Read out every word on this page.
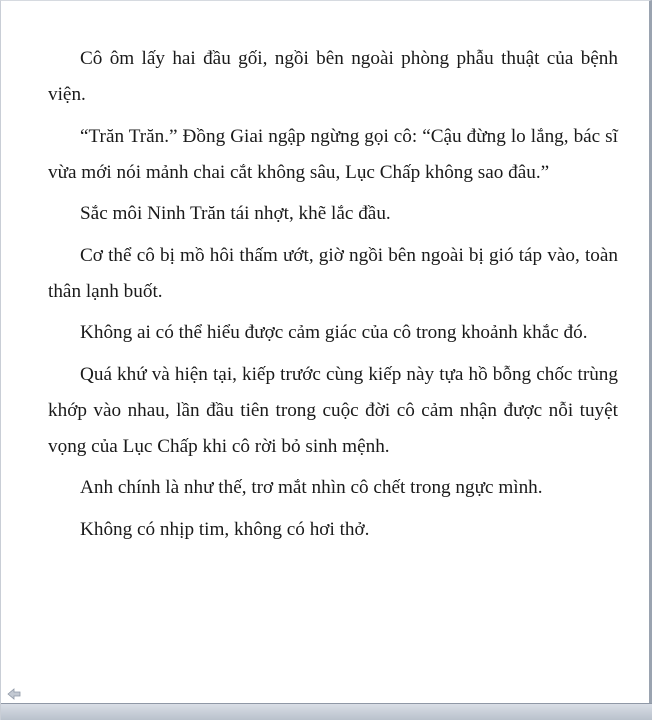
Cô ôm lấy hai đầu gối, ngồi bên ngoài phòng phẫu thuật của bệnh viện.

“Trăn Trăn.” Đồng Giai ngập ngừng gọi cô: “Cậu đừng lo lắng, bác sĩ vừa mới nói mảnh chai cắt không sâu, Lục Chấp không sao đâu.”

Sắc môi Ninh Trăn tái nhợt, khẽ lắc đầu.

Cơ thể cô bị mồ hôi thấm ướt, giờ ngồi bên ngoài bị gió táp vào, toàn thân lạnh buốt.

Không ai có thể hiểu được cảm giác của cô trong khoảnh khắc đó.

Quá khứ và hiện tại, kiếp trước cùng kiếp này tựa hồ bỗng chốc trùng khớp vào nhau, lần đầu tiên trong cuộc đời cô cảm nhận được nỗi tuyệt vọng của Lục Chấp khi cô rời bỏ sinh mệnh.

Anh chính là như thế, trơ mắt nhìn cô chết trong ngực mình.

Không có nhịp tim, không có hơi thở.
